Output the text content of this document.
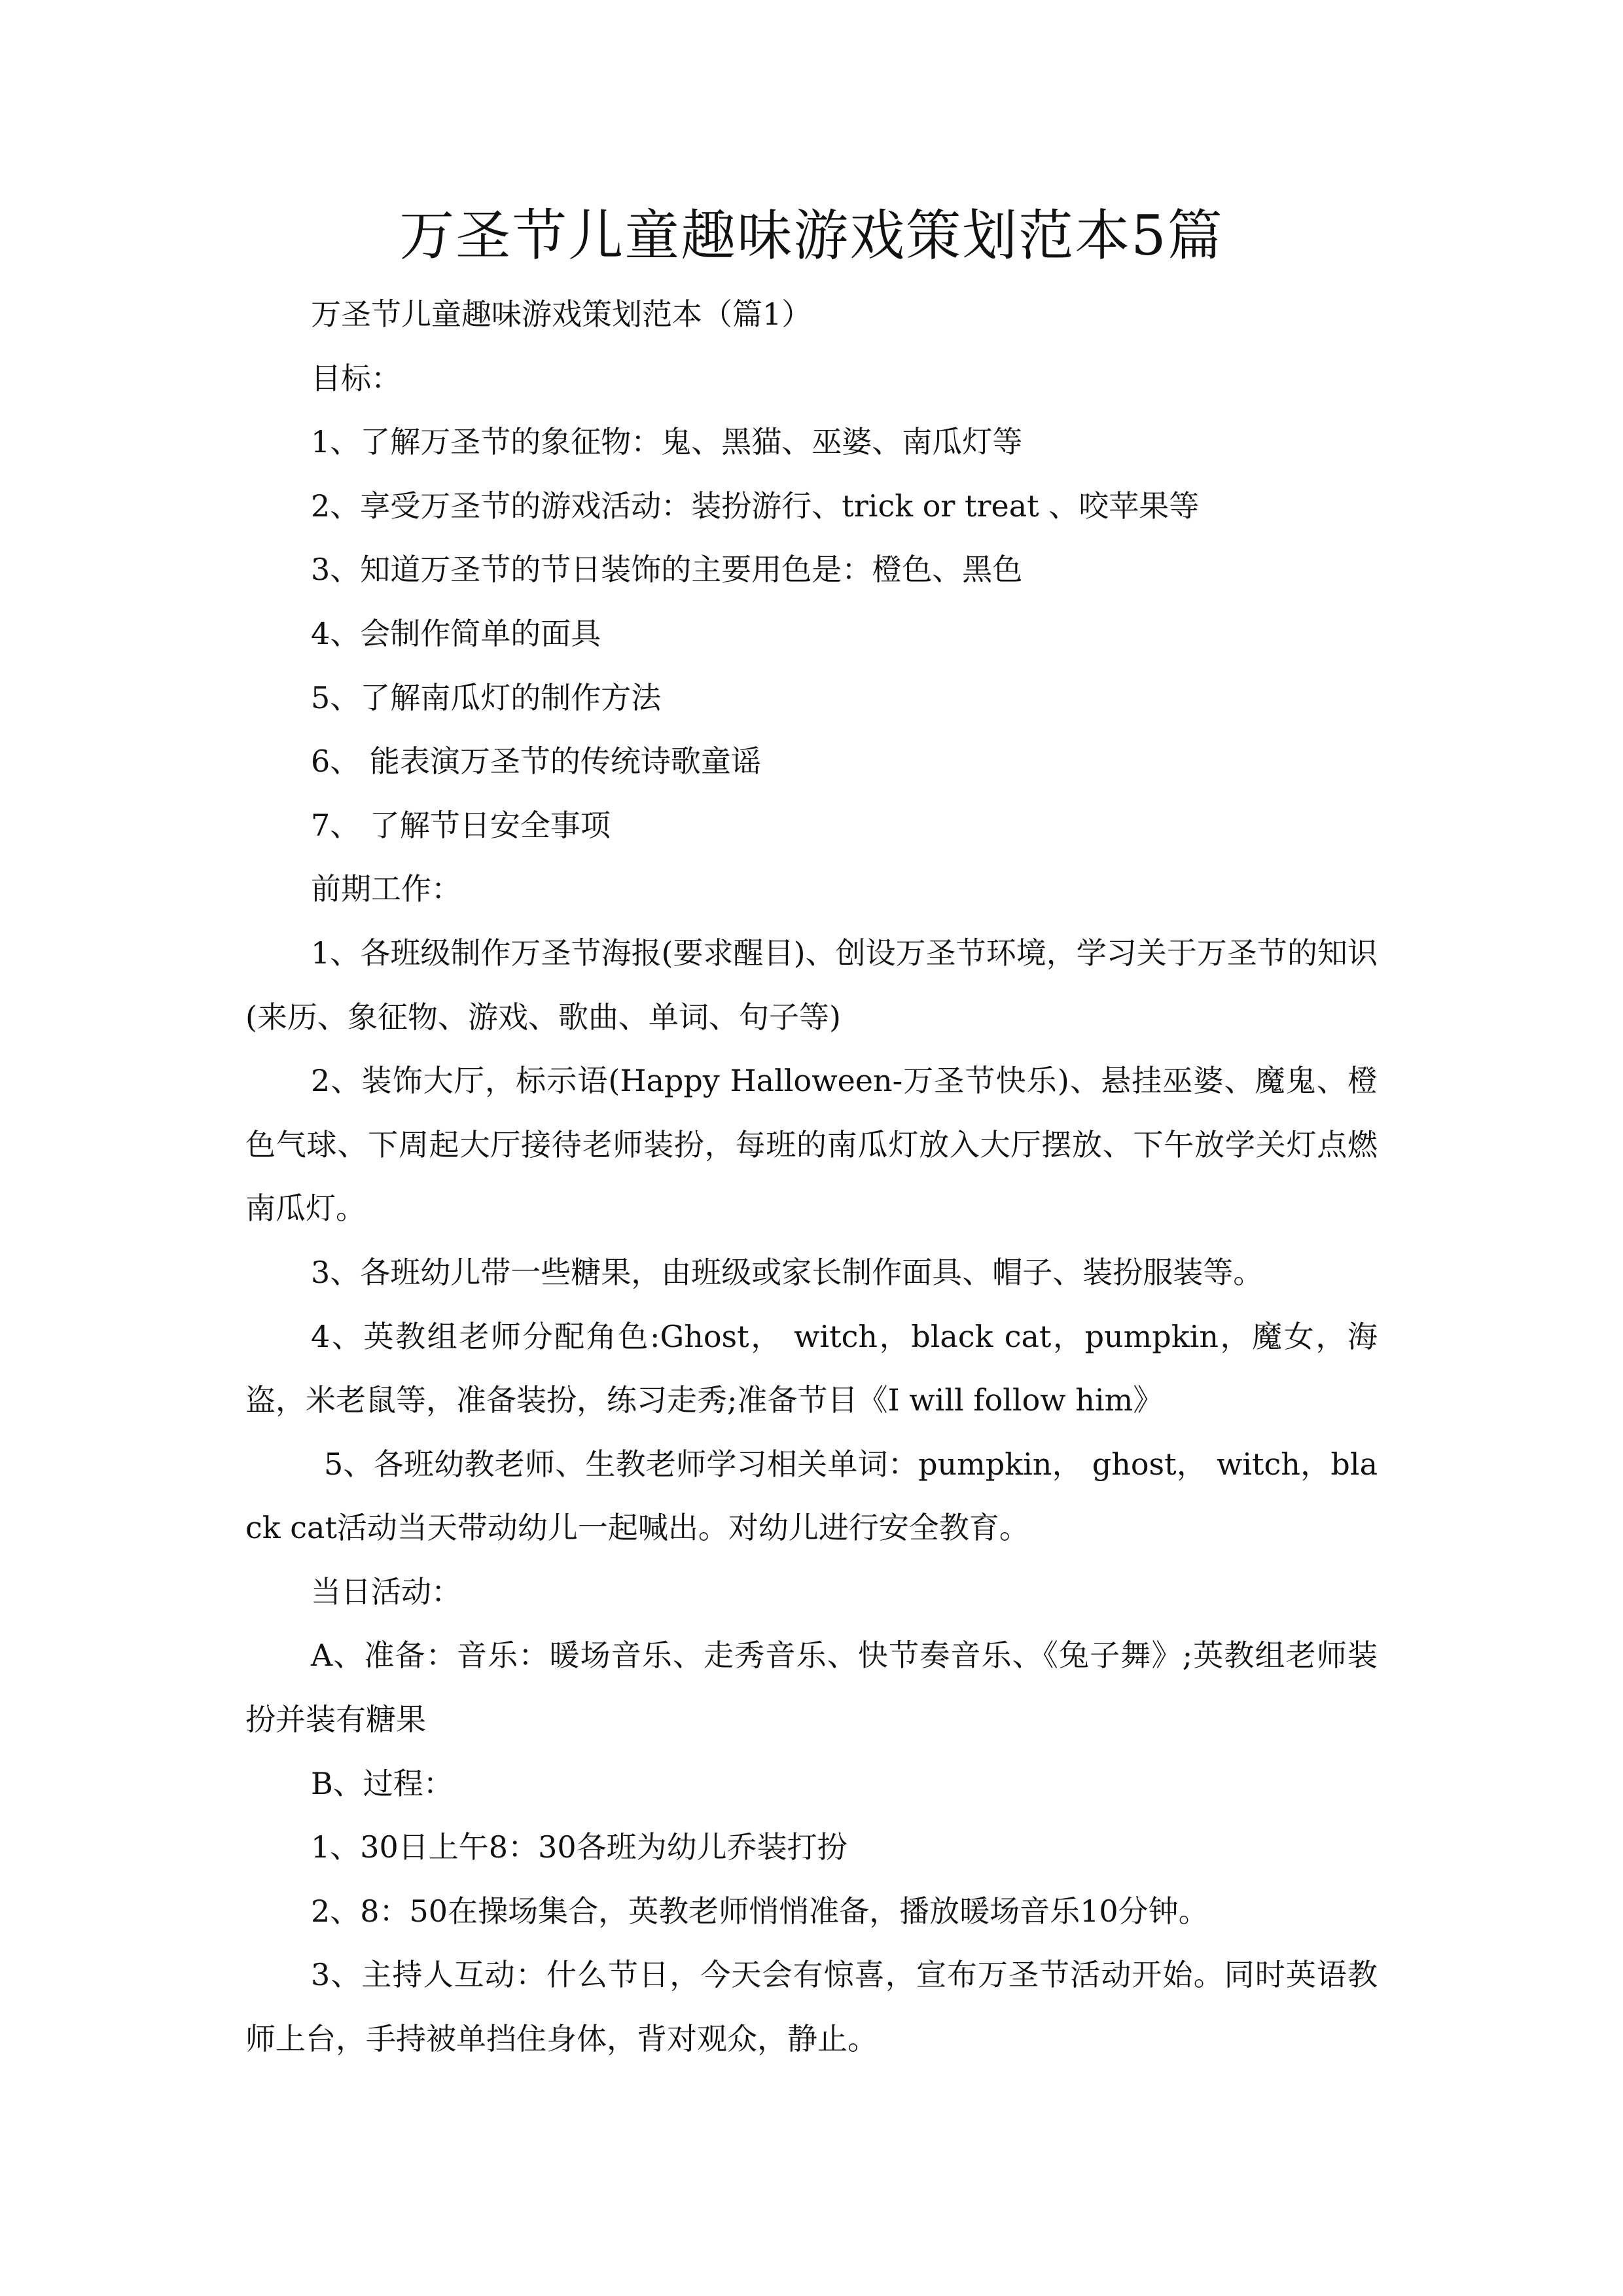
万圣节儿童趣味游戏策划范本5篇

万圣节儿童趣味游戏策划范本（篇1）

目标：

1、了解万圣节的象征物：鬼、黑猫、巫婆、南瓜灯等

2、享受万圣节的游戏活动：装扮游行、trick or treat 、咬苹果等

3、知道万圣节的节日装饰的主要用色是：橙色、黑色

4、会制作简单的面具

5、了解南瓜灯的制作方法

6、 能表演万圣节的传统诗歌童谣

7、 了解节日安全事项

前期工作：

1、各班级制作万圣节海报(要求醒目)、创设万圣节环境，学习关于万圣节的知识(来历、象征物、游戏、歌曲、单词、句子等)

2、装饰大厅，标示语(Happy Halloween-万圣节快乐)、悬挂巫婆、魔鬼、橙色气球、下周起大厅接待老师装扮，每班的南瓜灯放入大厅摆放、下午放学关灯点燃南瓜灯。

3、各班幼儿带一些糖果，由班级或家长制作面具、帽子、装扮服装等。

4、英教组老师分配角色:Ghost， witch，black cat，pumpkin，魔女，海盗，米老鼠等，准备装扮，练习走秀;准备节目《I will follow him》

5、各班幼教老师、生教老师学习相关单词：pumpkin， ghost， witch，black cat活动当天带动幼儿一起喊出。对幼儿进行安全教育。

当日活动：

A、准备：音乐：暖场音乐、走秀音乐、快节奏音乐、《兔子舞》;英教组老师装扮并装有糖果

B、过程：

1、30日上午8：30各班为幼儿乔装打扮

2、8：50在操场集合，英教老师悄悄准备，播放暖场音乐10分钟。

3、主持人互动：什么节日，今天会有惊喜，宣布万圣节活动开始。同时英语教师上台，手持被单挡住身体，背对观众，静止。
